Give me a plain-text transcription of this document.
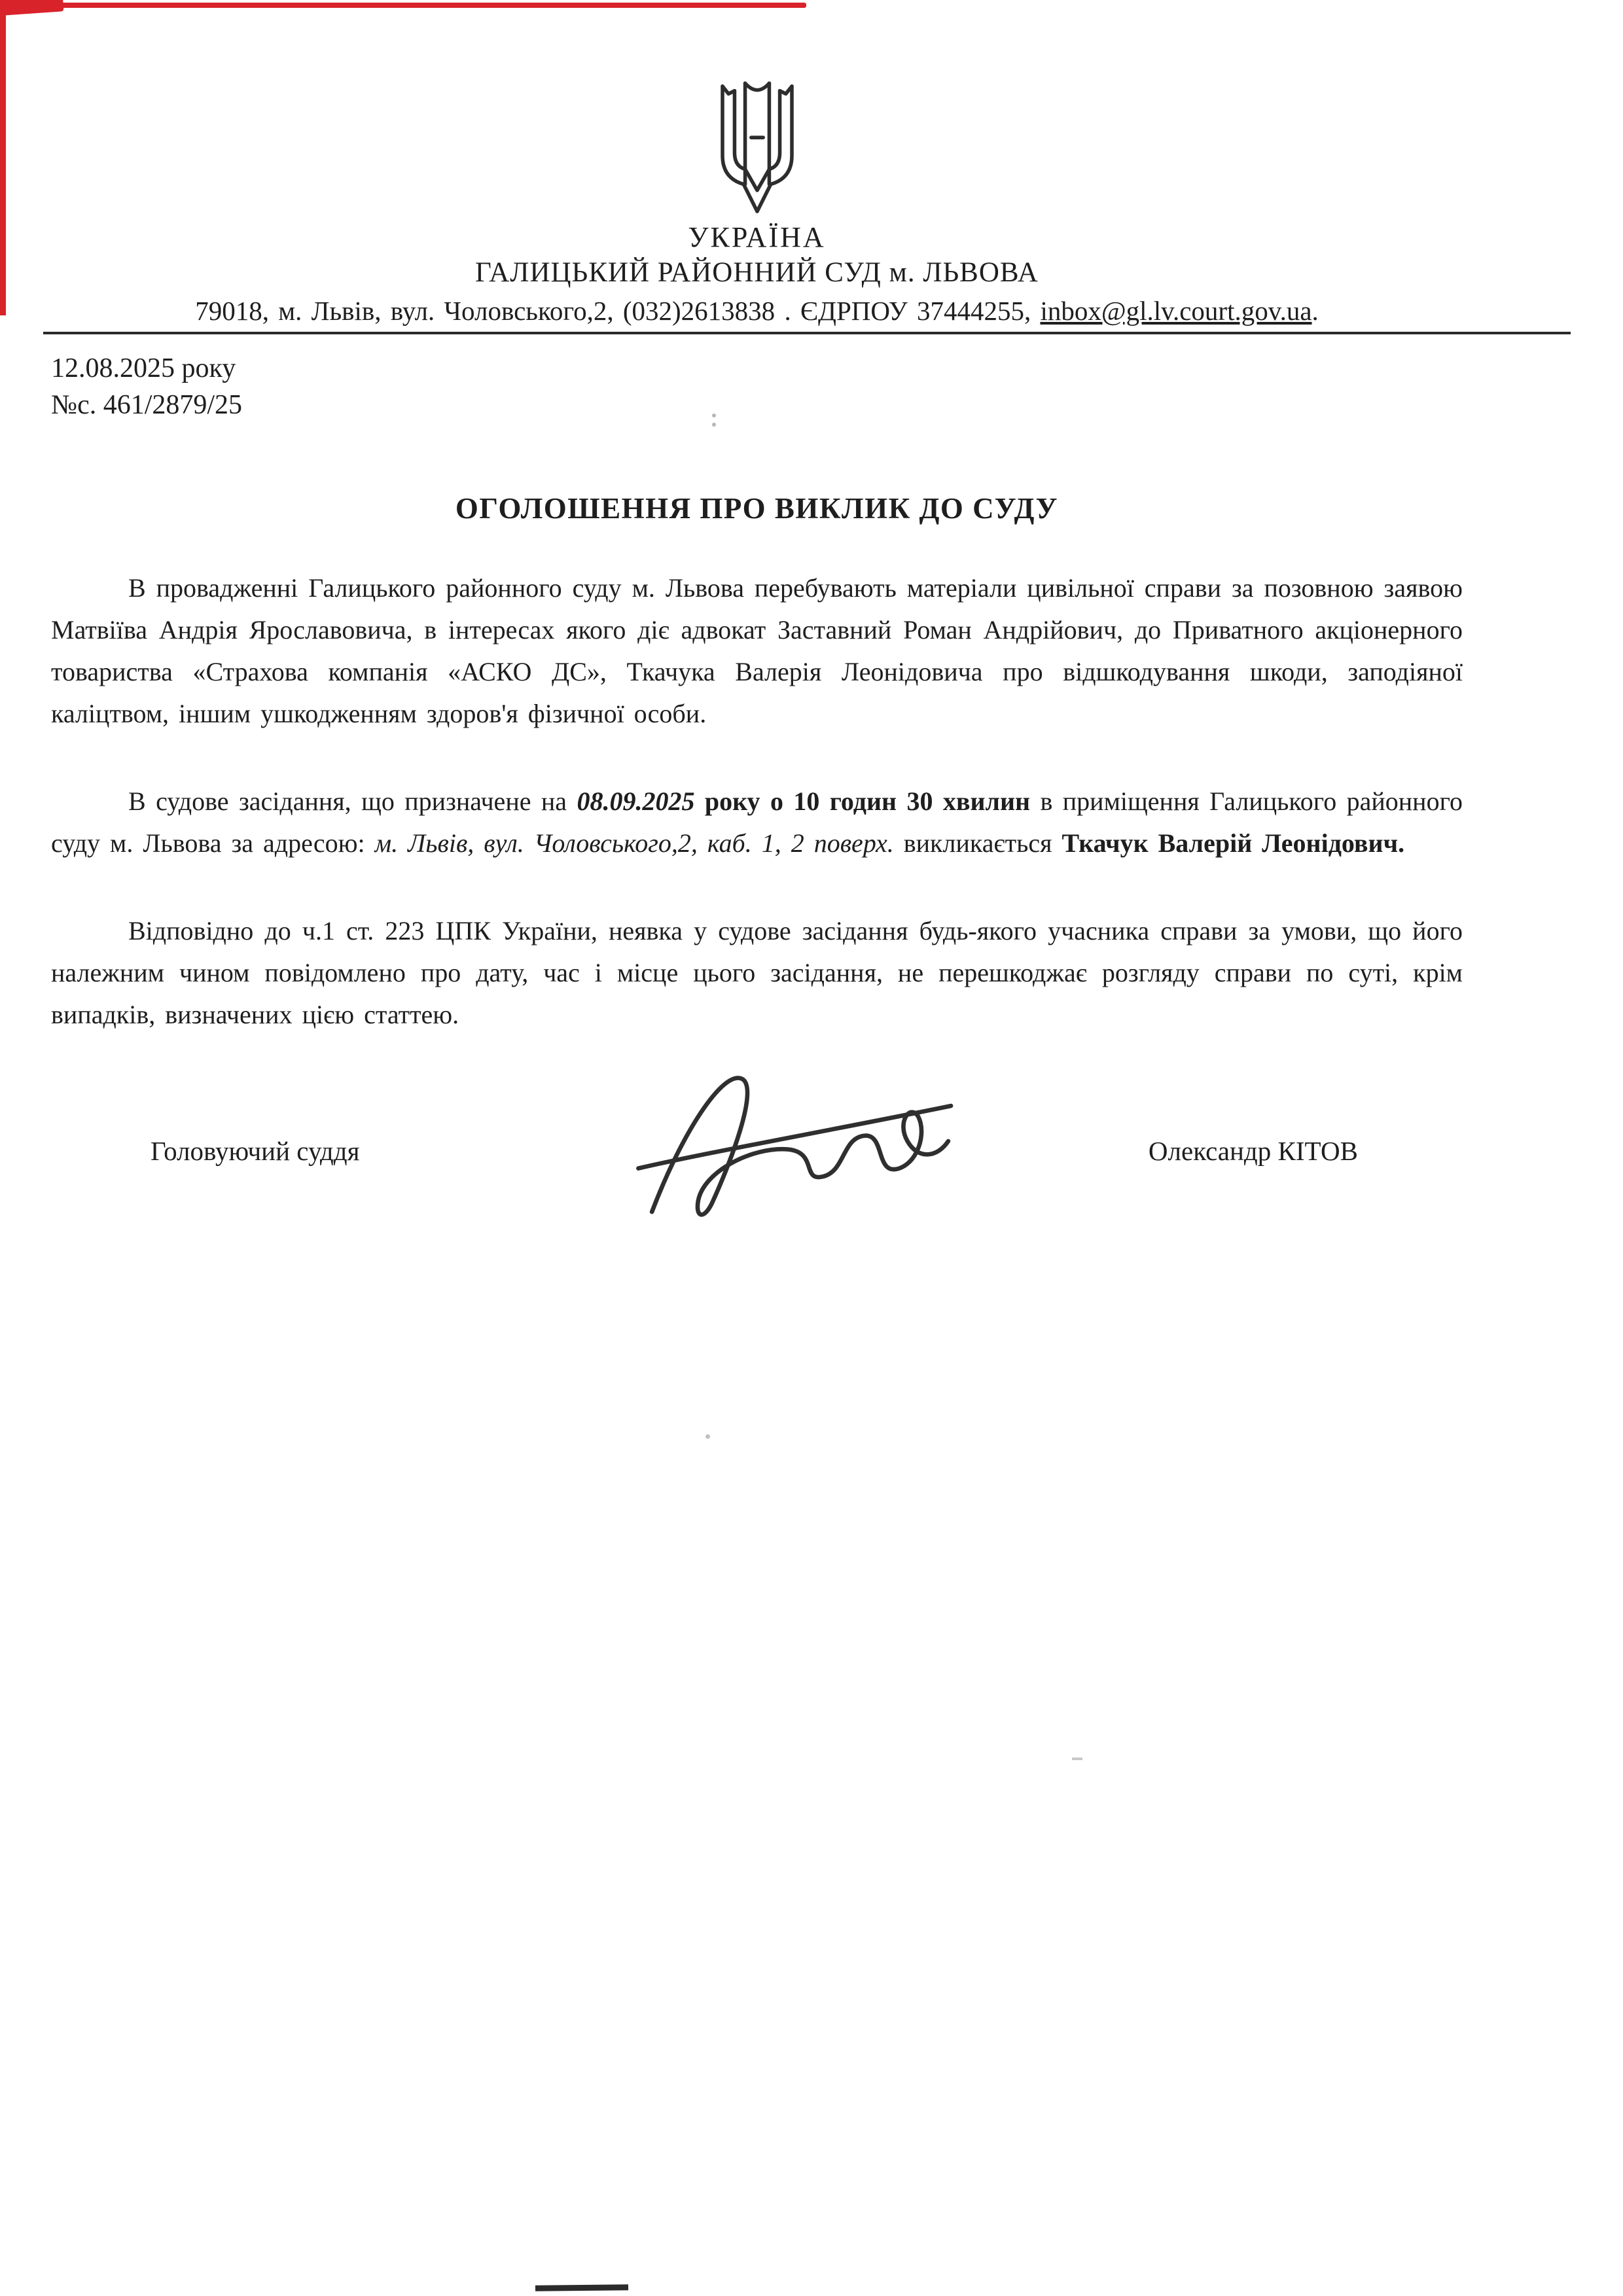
УКРАЇНА
ГАЛИЦЬКИЙ РАЙОННИЙ СУД м. ЛЬВОВА
79018, м. Львів, вул. Чоловського,2, (032)2613838 . ЄДРПОУ 37444255, inbox@gl.lv.court.gov.ua.
12.08.2025 року
№с. 461/2879/25
ОГОЛОШЕННЯ ПРО ВИКЛИК ДО СУДУ

В провадженні Галицького районного суду м. Львова перебувають матеріали цивільної справи за позовною заявою Матвіїва Андрія Ярославовича, в інтересах якого діє адвокат Заставний Роман Андрійович, до Приватного акціонерного товариства «Страхова компанія «АСКО ДС», Ткачука Валерія Леонідовича про відшкодування шкоди, заподіяної каліцтвом, іншим ушкодженням здоров'я фізичної особи.

В судове засідання, що призначене на 08.09.2025 року о 10 годин 30 хвилин в приміщення Галицького районного суду м. Львова за адресою: м. Львів, вул. Чоловського,2, каб. 1, 2 поверх. викликається Ткачук Валерій Леонідович.

Відповідно до ч.1 ст. 223 ЦПК України, неявка у судове засідання будь-якого учасника справи за умови, що його належним чином повідомлено про дату, час і місце цього засідання, не перешкоджає розгляду справи по суті, крім випадків, визначених цією статтею.

Головуючий суддя	Олександр КІТОВ
